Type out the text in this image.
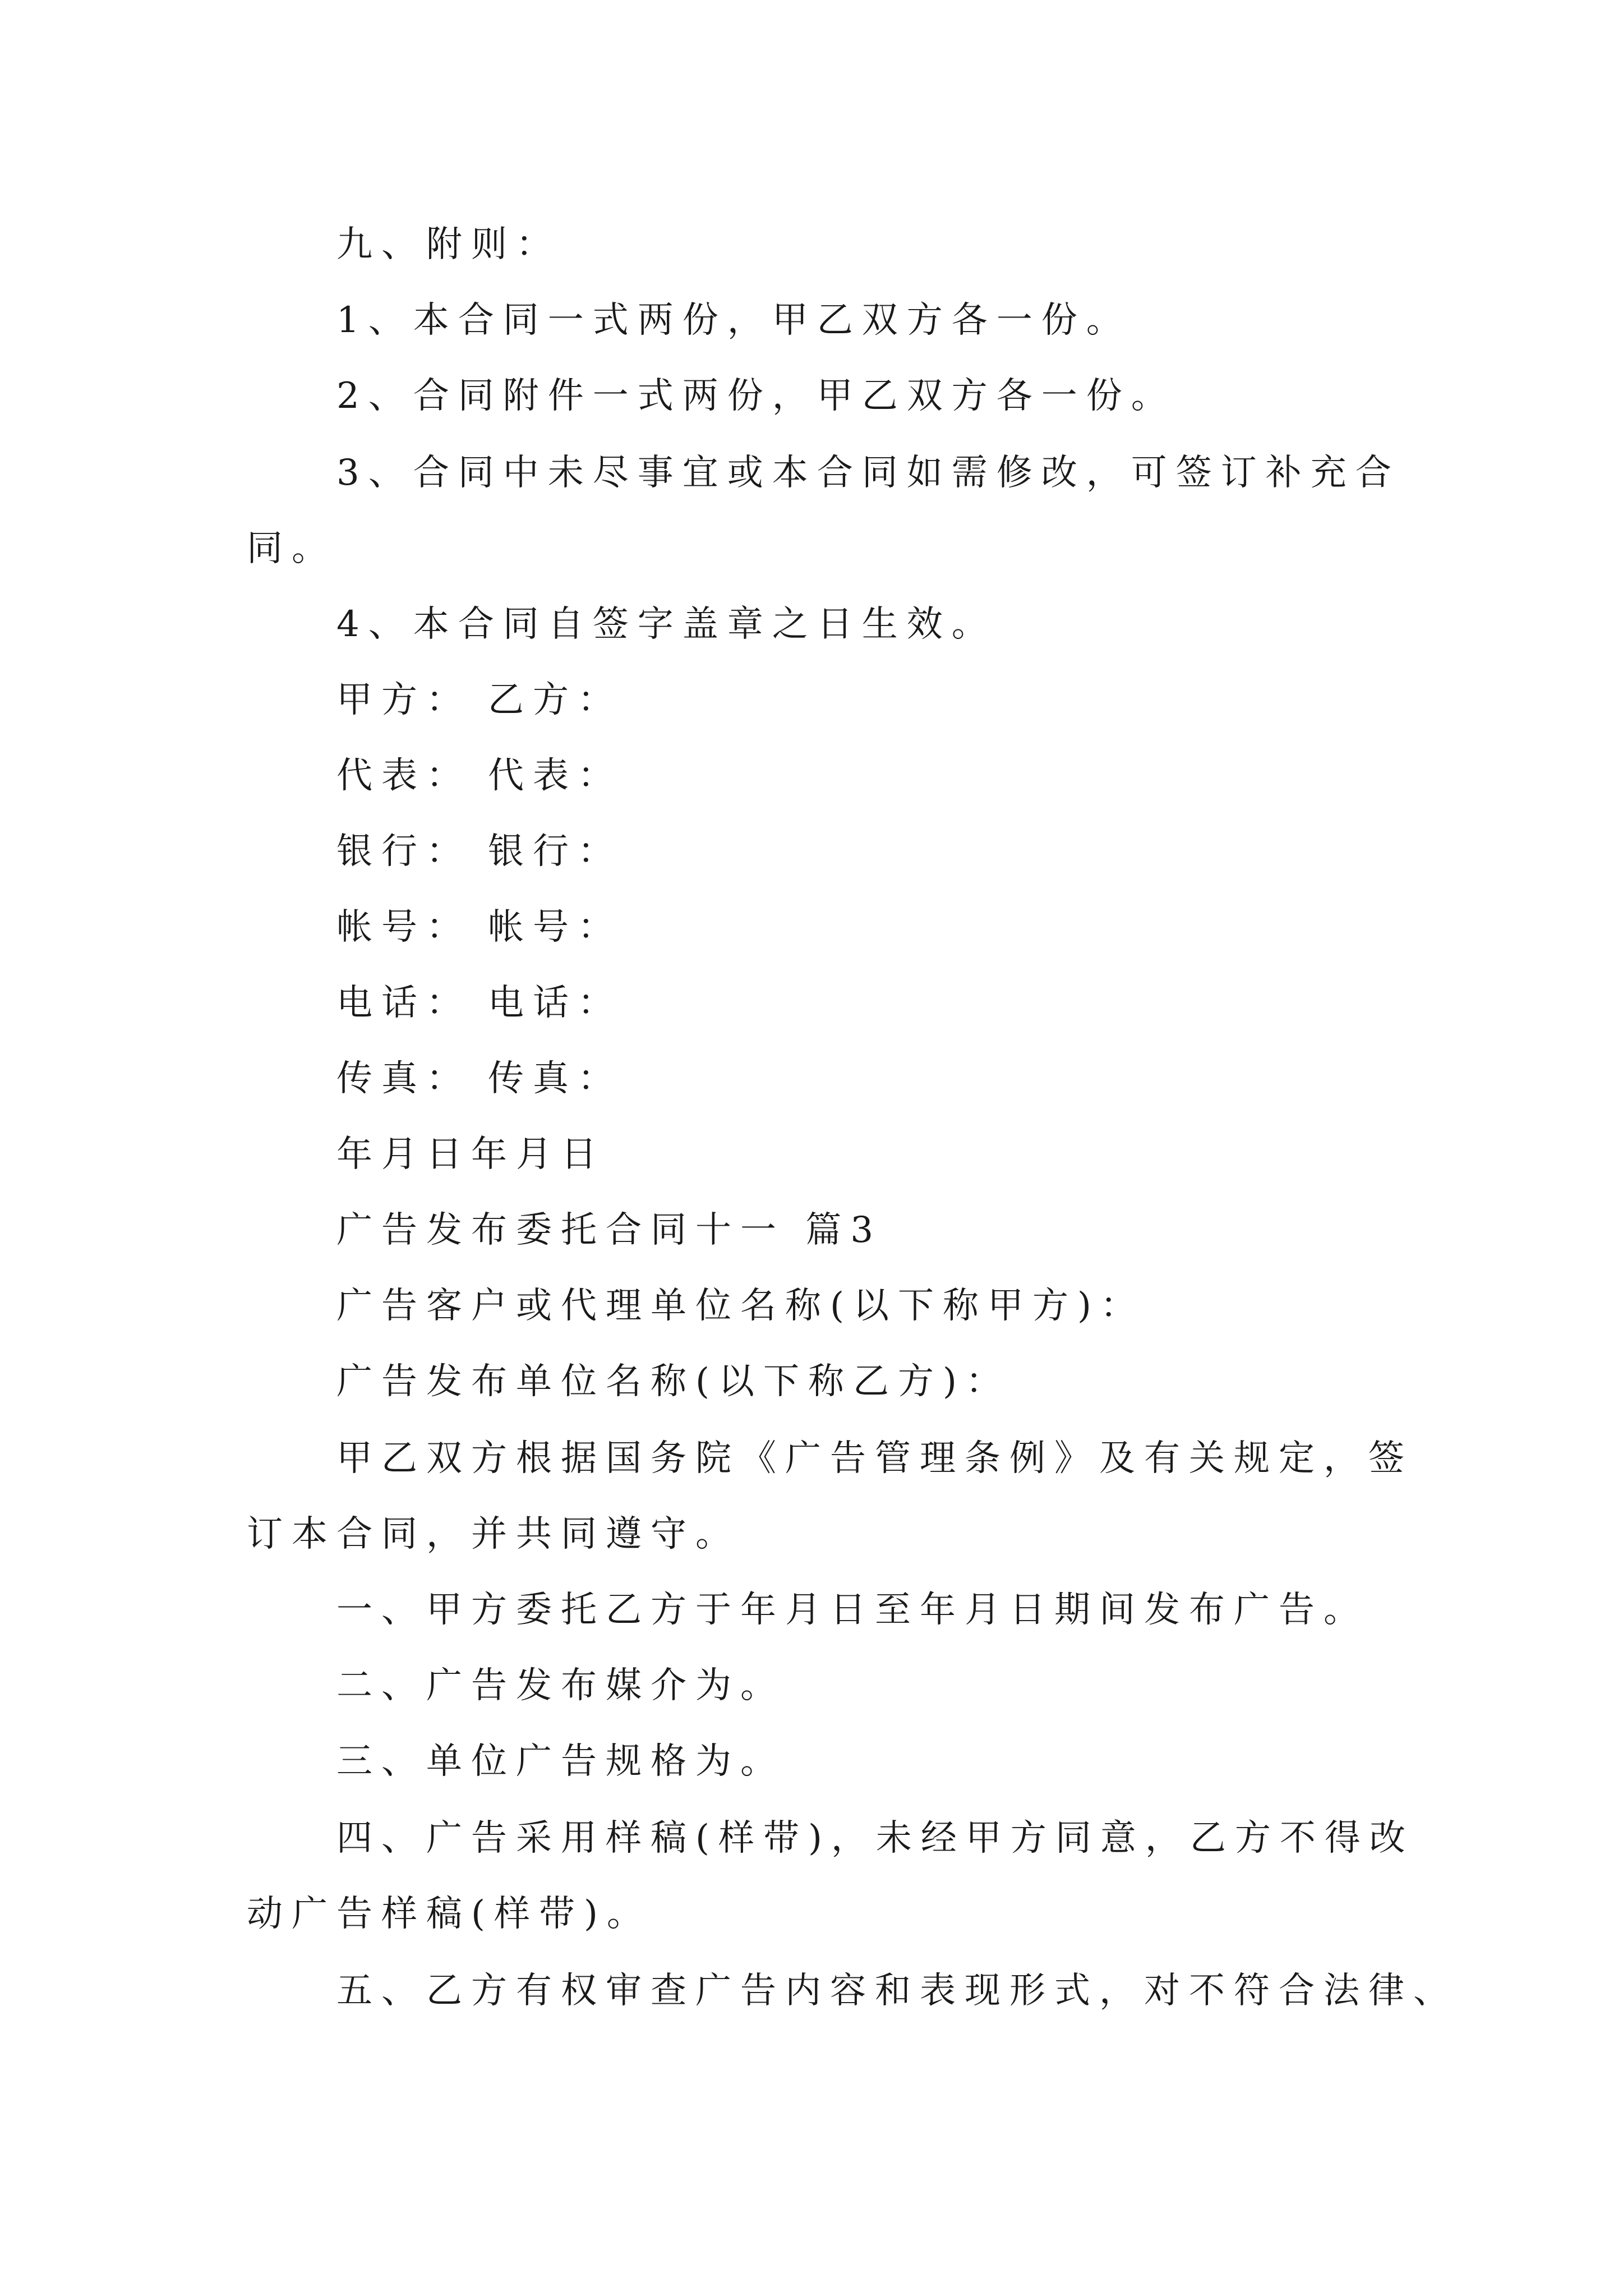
九、附则：
1、本合同一式两份，甲乙双方各一份。
2、合同附件一式两份，甲乙双方各一份。
3、合同中未尽事宜或本合同如需修改，可签订补充合
同。
4、本合同自签字盖章之日生效。
甲方： 乙方：
代表： 代表：
银行： 银行：
帐号： 帐号：
电话： 电话：
传真： 传真：
年月日年月日
广告发布委托合同十一 篇3
广告客户或代理单位名称(以下称甲方)：
广告发布单位名称(以下称乙方)：
甲乙双方根据国务院《广告管理条例》及有关规定，签
订本合同，并共同遵守。
一、甲方委托乙方于年月日至年月日期间发布广告。
二、广告发布媒介为。
三、单位广告规格为。
四、广告采用样稿(样带)，未经甲方同意，乙方不得改
动广告样稿(样带)。
五、乙方有权审查广告内容和表现形式，对不符合法律、
